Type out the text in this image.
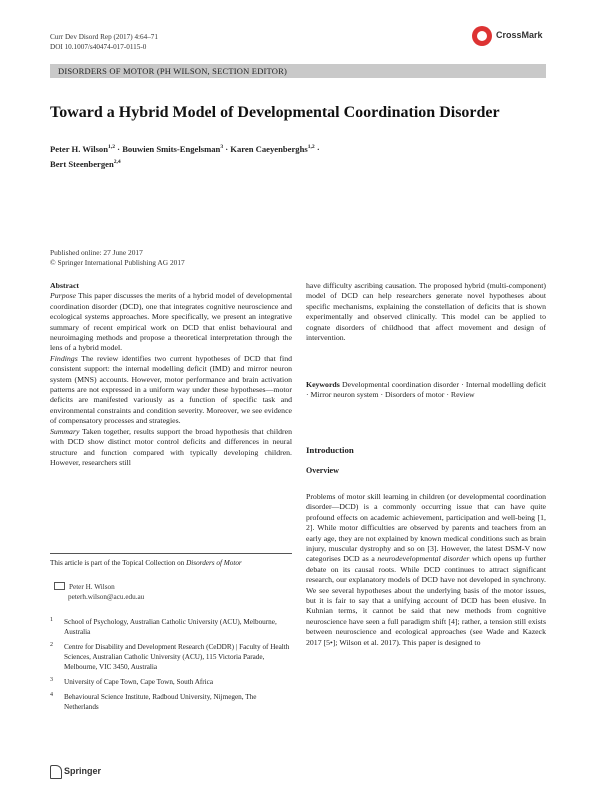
Curr Dev Disord Rep (2017) 4:64–71
DOI 10.1007/s40474-017-0115-0
CrossMark
DISORDERS OF MOTOR (PH WILSON, SECTION EDITOR)
Toward a Hybrid Model of Developmental Coordination Disorder
Peter H. Wilson$^{1,2}$ · Bouwien Smits-Engelsman$^3$ · Karen Caeyenberghs$^{1,2}$ ·
Bert Steenbergen$^{2,4}$
Published online: 27 June 2017
© Springer International Publishing AG 2017
Abstract
Purpose This paper discusses the merits of a hybrid model of developmental coordination disorder (DCD), one that integrates cognitive neuroscience and ecological systems approaches. More specifically, we present an integrative summary of recent empirical work on DCD that enlist behavioural and neuroimaging methods and propose a theoretical interpretation through the lens of a hybrid model.
Findings The review identifies two current hypotheses of DCD that find consistent support: the internal modelling deficit (IMD) and mirror neuron system (MNS) accounts. However, motor performance and brain activation patterns are not expressed in a uniform way under these hypotheses—motor deficits are manifested variously as a function of specific task and environmental constraints and condition severity. Moreover, we see evidence of compensatory processes and strategies.
Summary Taken together, results support the broad hypothesis that children with DCD show distinct motor control deficits and differences in neural structure and function compared with typically developing children. However, researchers still
have difficulty ascribing causation. The proposed hybrid (multi-component) model of DCD can help researchers generate novel hypotheses about specific mechanisms, explaining the constellation of deficits that is shown experimentally and observed clinically. This model can be applied to cognate disorders of childhood that affect movement and design of intervention.
Keywords Developmental coordination disorder · Internal modelling deficit · Mirror neuron system · Disorders of motor · Review
Introduction
Overview
Problems of motor skill learning in children (or developmental coordination disorder—DCD) is a commonly occurring issue that can have quite profound effects on academic achievement, participation and well-being [1, 2]. While motor difficulties are observed by parents and teachers from an early age, they are not explained by known medical conditions such as brain injury, muscular dystrophy and so on [3]. However, the latest DSM-V now categorises DCD as a neurodevelopmental disorder which opens up further debate on its causal roots. While DCD continues to attract significant research, our explanatory models of DCD have not developed in synchrony. We see several hypotheses about the underlying basis of the motor issues, but it is fair to say that a unifying account of DCD has been elusive. In Kuhnian terms, it cannot be said that new methods from cognitive neuroscience have seen a full paradigm shift [4]; rather, a tension still exists between neuroscience and ecological approaches (see Wade and Kazeck 2017 [5•]; Wilson et al. 2017). This paper is designed to
This article is part of the Topical Collection on Disorders of Motor
Peter H. Wilson
peterh.wilson@acu.edu.au
1 School of Psychology, Australian Catholic University (ACU), Melbourne, Australia
2 Centre for Disability and Development Research (CeDDR) | Faculty of Health Sciences, Australian Catholic University (ACU), 115 Victoria Parade, Melbourne, VIC 3450, Australia
3 University of Cape Town, Cape Town, South Africa
4 Behavioural Science Institute, Radboud University, Nijmegen, The Netherlands
Springer
